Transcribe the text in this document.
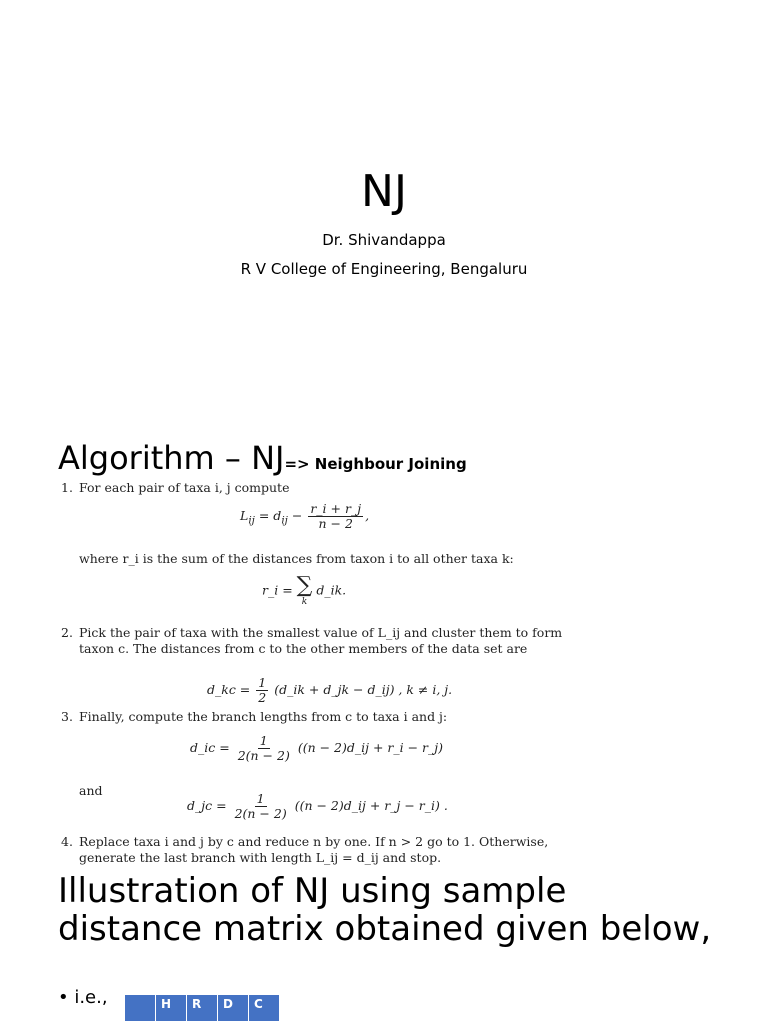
NJ
Dr. Shivandappa
R V College of Engineering, Bengaluru
Algorithm – NJ=> Neighbour Joining
1. For each pair of taxa i, j compute
$L_{ij} = d_{ij} - \frac{r\_i + r\_j}{n - 2}$ ,
where r_i is the sum of the distances from taxon i to all other taxa k:
r_i = ∑
k
d_ik.
2. Pick the pair of taxa with the smallest value of L_ij and cluster them to form
taxon c. The distances from c to the other members of the data set are
d_kc = $\frac{1}{2}$ (d_ik + d_jk − d_ij) , k ≠ i, j.
3. Finally, compute the branch lengths from c to taxa i and j:
d_ic = $\frac{1}{2(n - 2)} ((n$ − 2)d_ij + r_i − r_j)
and
d_jc = $\frac{1}{2(n - 2)} ((n$ − 2)d_ij + r_j − r_i) .
4. Replace taxa i and j by c and reduce n by one. If n > 2 go to 1. Otherwise,
generate the last branch with length L_ij = d_ij and stop.
Illustration of NJ using sample distance matrix obtained given below,
• i.e.,
		H	R	D	C
